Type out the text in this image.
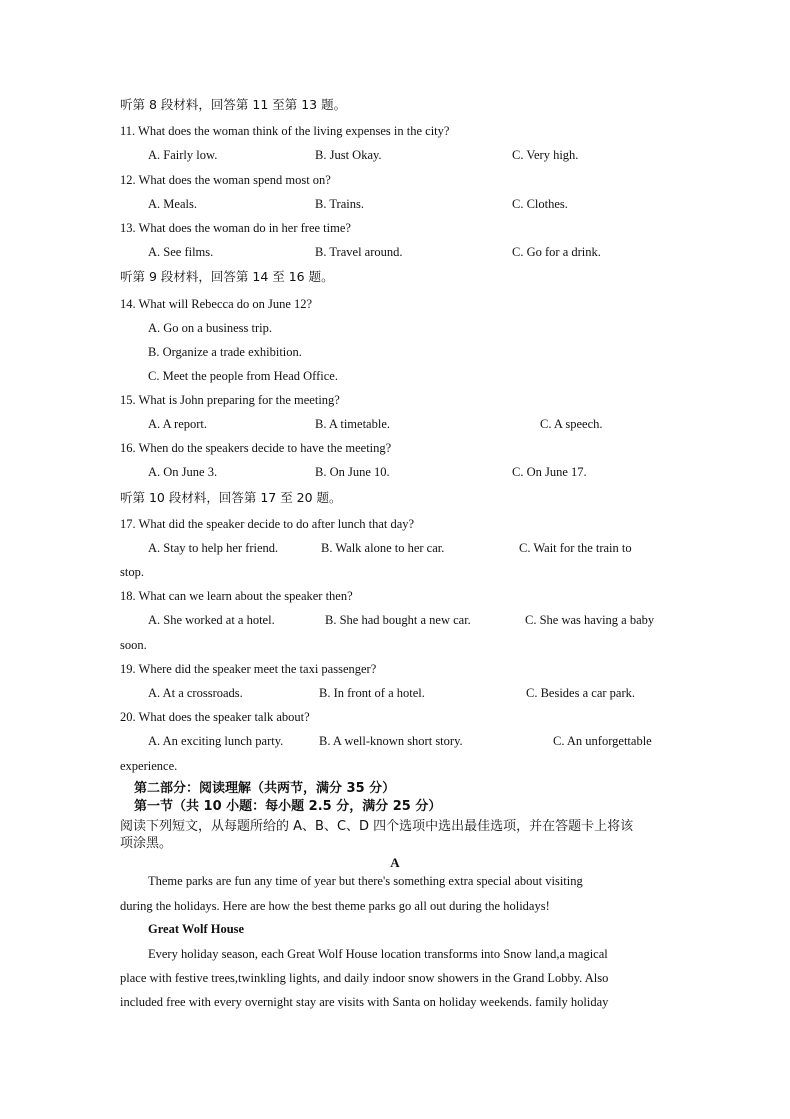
听第 8 段材料，回答第 11 至第 13 题。
11. What does the woman think of the living expenses in the city?
A. Fairly low.	B. Just Okay.	C. Very high.
12. What does the woman spend most on?
A. Meals.	B. Trains.	C. Clothes.
13. What does the woman do in her free time?
A. See films.	B. Travel around.	C. Go for a drink.
听第 9 段材料，回答第 14 至 16 题。
14. What will Rebecca do on June 12?
A. Go on a business trip.
B. Organize a trade exhibition.
C. Meet the people from Head Office.
15. What is John preparing for the meeting?
A. A report.	B. A timetable.	C. A speech.
16. When do the speakers decide to have the meeting?
A. On June 3.	B. On June 10.	C. On June 17.
听第 10 段材料，回答第 17 至 20 题。
17. What did the speaker decide to do after lunch that day?
A. Stay to help her friend.	B. Walk alone to her car.	C. Wait for the train to
stop.
18. What can we learn about the speaker then?
A. She worked at a hotel.	B. She had bought a new car.	C. She was having a baby
soon.
19. Where did the speaker meet the taxi passenger?
A. At a crossroads.	B. In front of a hotel.	C. Besides a car park.
20. What does the speaker talk about?
A. An exciting lunch party.	B. A well-known short story.	C. An unforgettable
experience.
第二部分：阅读理解（共两节，满分 35 分）
第一节（共 10 小题：每小题 2.5 分，满分 25 分）
阅读下列短文，从每题所给的 A、B、C、D 四个选项中选出最佳选项，并在答题卡上将该
项涂黑。
A
Theme parks are fun any time of year but there's something extra special about visiting
during the holidays. Here are how the best theme parks go all out during the holidays!
Great Wolf House
Every holiday season, each Great Wolf House location transforms into Snow land,a magical
place with festive trees,twinkling lights, and daily indoor snow showers in the Grand Lobby. Also
included free with every overnight stay are visits with Santa on holiday weekends. family holiday
